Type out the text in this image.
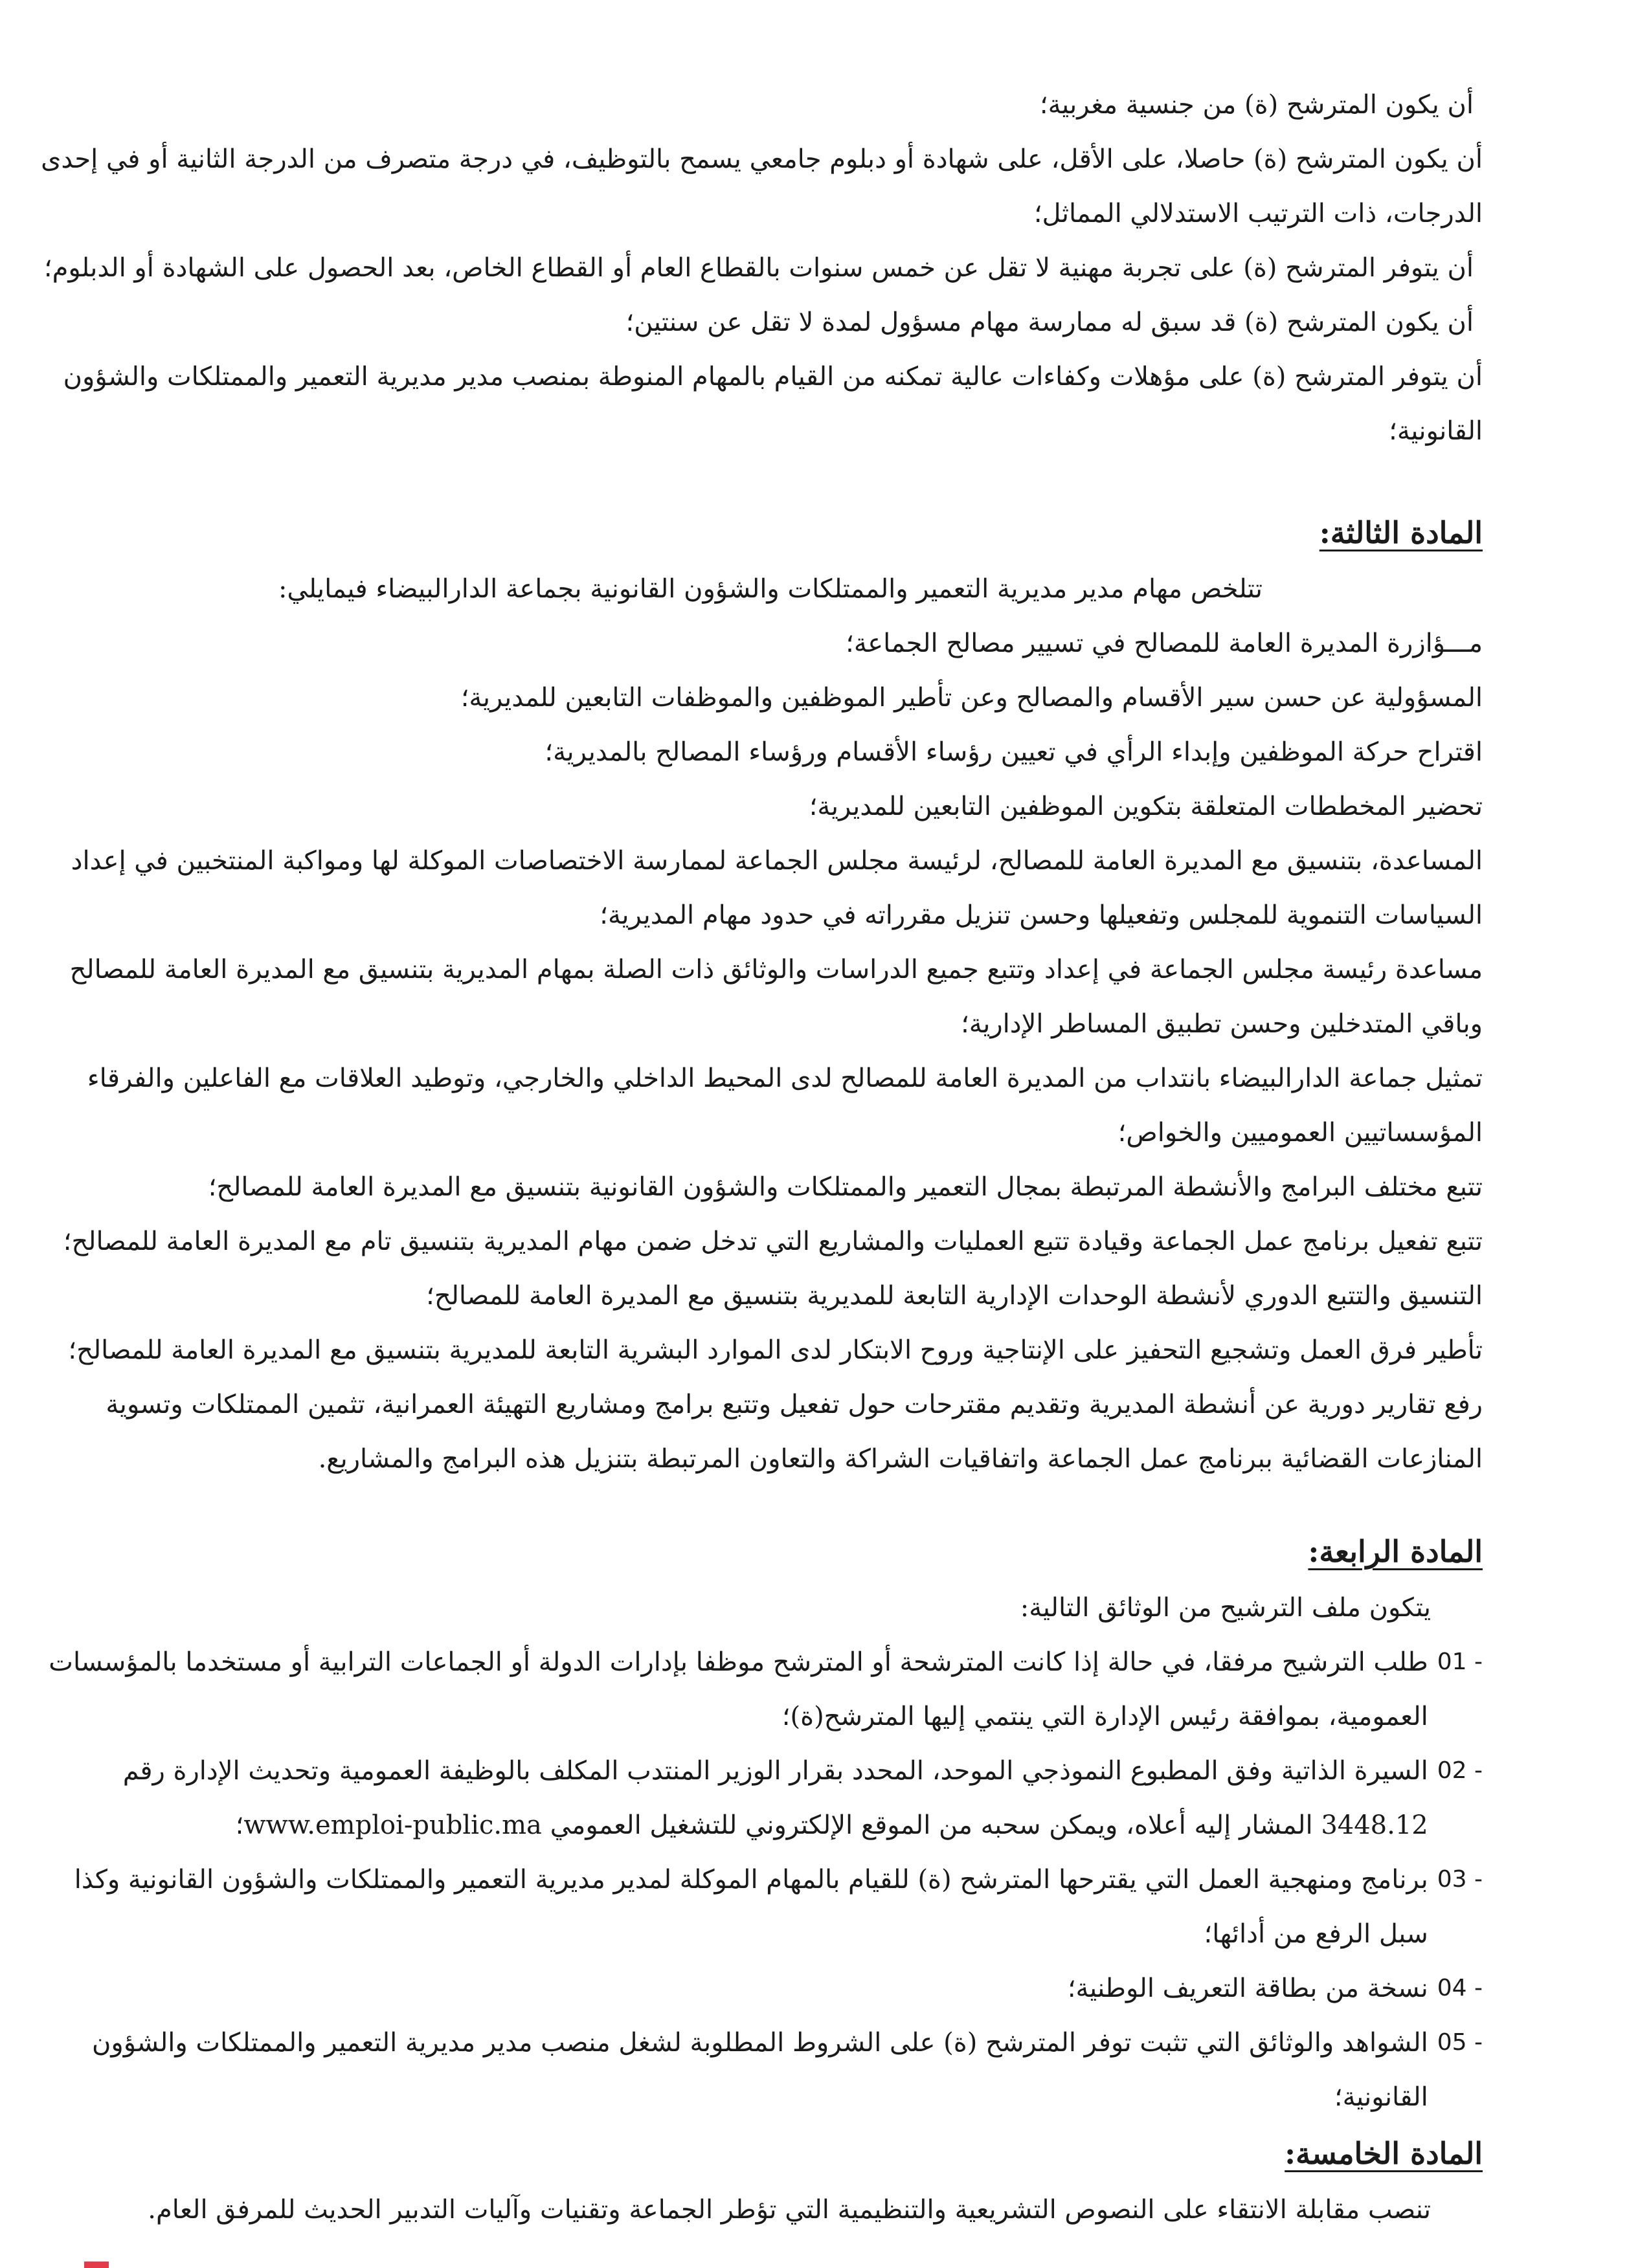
أن يكون المترشح (ة) من جنسية مغربية؛

أن يكون المترشح (ة) حاصلا، على الأقل، على شهادة أو دبلوم جامعي يسمح بالتوظيف، في درجة متصرف من الدرجة الثانية أو في إحدى الدرجات، ذات الترتيب الاستدلالي المماثل؛

أن يتوفر المترشح (ة) على تجربة مهنية لا تقل عن خمس سنوات بالقطاع العام أو القطاع الخاص، بعد الحصول على الشهادة أو الدبلوم؛

أن يكون المترشح (ة) قد سبق له ممارسة مهام مسؤول لمدة لا تقل عن سنتين؛

أن يتوفر المترشح (ة) على مؤهلات وكفاءات عالية تمكنه من القيام بالمهام المنوطة بمنصب مدير مديرية التعمير والممتلكات والشؤون القانونية؛

المادة الثالثة:

تتلخص مهام مدير مديرية التعمير والممتلكات والشؤون القانونية بجماعة الدارالبيضاء فيمايلي:

مـــؤازرة المديرة العامة للمصالح في تسيير مصالح الجماعة؛

المسؤولية عن حسن سير الأقسام والمصالح وعن تأطير الموظفين والموظفات التابعين للمديرية؛

اقتراح حركة الموظفين وإبداء الرأي في تعيين رؤساء الأقسام ورؤساء المصالح بالمديرية؛

تحضير المخططات المتعلقة بتكوين الموظفين التابعين للمديرية؛

المساعدة، بتنسيق مع المديرة العامة للمصالح، لرئيسة مجلس الجماعة لممارسة الاختصاصات الموكلة لها ومواكبة المنتخبين في إعداد السياسات التنموية للمجلس وتفعيلها وحسن تنزيل مقرراته في حدود مهام المديرية؛

مساعدة رئيسة مجلس الجماعة في إعداد وتتبع جميع الدراسات والوثائق ذات الصلة بمهام المديرية بتنسيق مع المديرة العامة للمصالح وباقي المتدخلين وحسن تطبيق المساطر الإدارية؛

تمثيل جماعة الدارالبيضاء بانتداب من المديرة العامة للمصالح لدى المحيط الداخلي والخارجي، وتوطيد العلاقات مع الفاعلين والفرقاء المؤسساتيين العموميين والخواص؛

تتبع مختلف البرامج والأنشطة المرتبطة بمجال التعمير والممتلكات والشؤون القانونية بتنسيق مع المديرة العامة للمصالح؛

تتبع تفعيل برنامج عمل الجماعة وقيادة تتبع العمليات والمشاريع التي تدخل ضمن مهام المديرية بتنسيق تام مع المديرة العامة للمصالح؛

التنسيق والتتبع الدوري لأنشطة الوحدات الإدارية التابعة للمديرية بتنسيق مع المديرة العامة للمصالح؛

تأطير فرق العمل وتشجيع التحفيز على الإنتاجية وروح الابتكار لدى الموارد البشرية التابعة للمديرية بتنسيق مع المديرة العامة للمصالح؛

رفع تقارير دورية عن أنشطة المديرية وتقديم مقترحات حول تفعيل وتتبع برامج ومشاريع التهيئة العمرانية، تثمين الممتلكات وتسوية المنازعات القضائية ببرنامج عمل الجماعة واتفاقيات الشراكة والتعاون المرتبطة بتنزيل هذه البرامج والمشاريع.

المادة الرابعة:

يتكون ملف الترشيح من الوثائق التالية:

01 -

طلب الترشيح مرفقا، في حالة إذا كانت المترشحة أو المترشح موظفا بإدارات الدولة أو الجماعات الترابية أو مستخدما بالمؤسسات العمومية، بموافقة رئيس الإدارة التي ينتمي إليها المترشح(ة)؛

02 -

السيرة الذاتية وفق المطبوع النموذجي الموحد، المحدد بقرار الوزير المنتدب المكلف بالوظيفة العمومية وتحديث الإدارة رقم 3448.12 المشار إليه أعلاه، ويمكن سحبه من الموقع الإلكتروني للتشغيل العمومي www.emploi-public.ma؛

03 -

برنامج ومنهجية العمل التي يقترحها المترشح (ة) للقيام بالمهام الموكلة لمدير مديرية التعمير والممتلكات والشؤون القانونية وكذا سبل الرفع من أدائها؛

04 -

نسخة من بطاقة التعريف الوطنية؛

05 -

الشواهد والوثائق التي تثبت توفر المترشح (ة) على الشروط المطلوبة لشغل منصب مدير مديرية التعمير والممتلكات والشؤون القانونية؛

المادة الخامسة:

تنصب مقابلة الانتقاء على النصوص التشريعية والتنظيمية التي تؤطر الجماعة وتقنيات وآليات التدبير الحديث للمرفق العام.
